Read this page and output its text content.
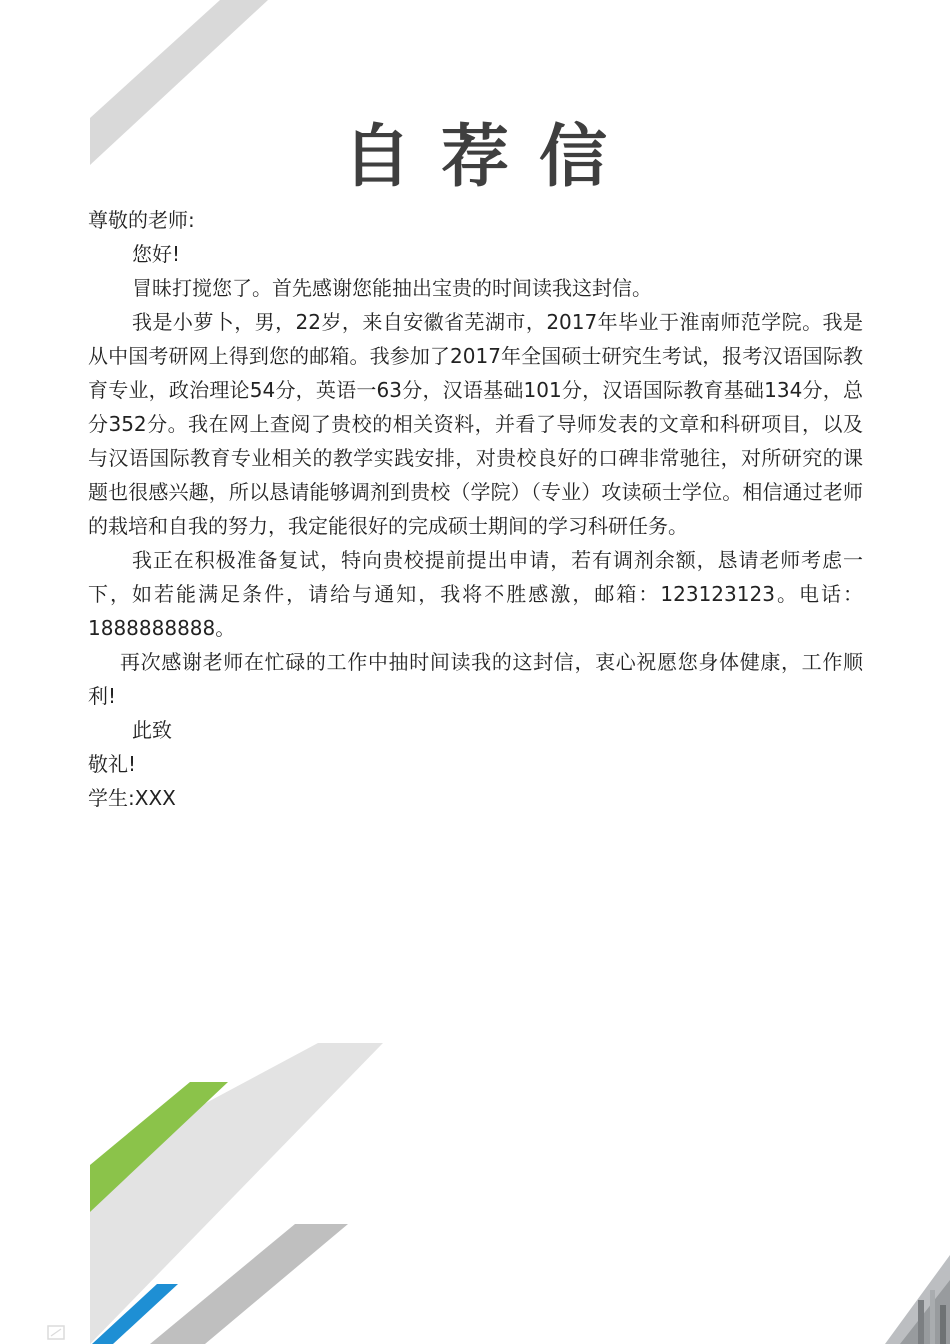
自荐信

尊敬的老师:

您好!

冒昧打搅您了。首先感谢您能抽出宝贵的时间读我这封信。

我是小萝卜，男，22岁，来自安徽省芜湖市，2017年毕业于淮南师范学院。我是从中国考研网上得到您的邮箱。我参加了2017年全国硕士研究生考试，报考汉语国际教育专业，政治理论54分，英语一63分，汉语基础101分，汉语国际教育基础134分，总分352分。我在网上查阅了贵校的相关资料，并看了导师发表的文章和科研项目，以及与汉语国际教育专业相关的教学实践安排，对贵校良好的口碑非常驰往，对所研究的课题也很感兴趣，所以恳请能够调剂到贵校（学院）（专业）攻读硕士学位。相信通过老师的栽培和自我的努力，我定能很好的完成硕士期间的学习科研任务。

我正在积极准备复试，特向贵校提前提出申请，若有调剂余额，恳请老师考虑一下，如若能满足条件，请给与通知，我将不胜感激，邮箱：123123123。电话：1888888888。

再次感谢老师在忙碌的工作中抽时间读我的这封信，衷心祝愿您身体健康，工作顺利!

此致

敬礼!

学生:XXX
